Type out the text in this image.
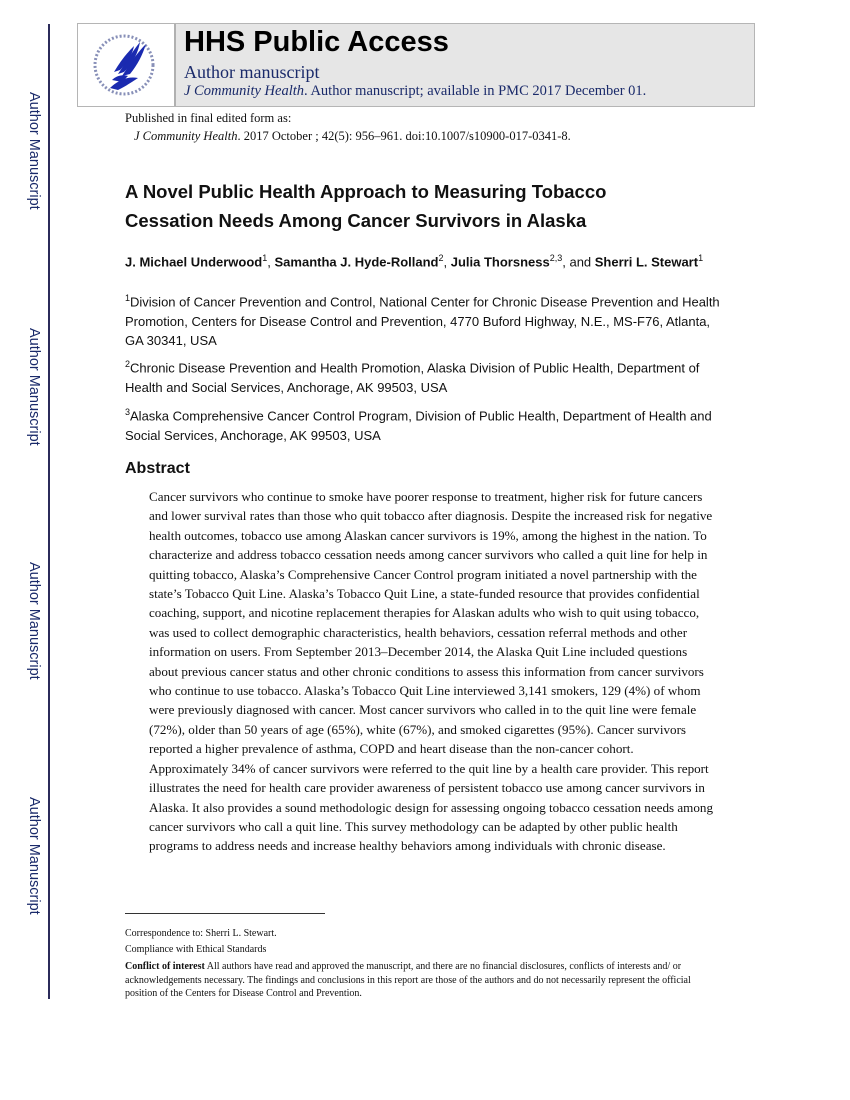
Author Manuscript
Author Manuscript
Author Manuscript
Author Manuscript
HHS Public Access
Author manuscript
J Community Health. Author manuscript; available in PMC 2017 December 01.
Published in final edited form as:
J Community Health. 2017 October ; 42(5): 956–961. doi:10.1007/s10900-017-0341-8.
A Novel Public Health Approach to Measuring Tobacco
Cessation Needs Among Cancer Survivors in Alaska
J. Michael Underwood$^1$, Samantha J. Hyde-Rolland$^2$, Julia Thorsness$^{2,3}$, and Sherri L. Stewart$^1$
$^1$Division of Cancer Prevention and Control, National Center for Chronic Disease Prevention and Health Promotion, Centers for Disease Control and Prevention, 4770 Buford Highway, N.E., MS-F76, Atlanta, GA 30341, USA
$^2$Chronic Disease Prevention and Health Promotion, Alaska Division of Public Health, Department of Health and Social Services, Anchorage, AK 99503, USA
$^3$Alaska Comprehensive Cancer Control Program, Division of Public Health, Department of Health and Social Services, Anchorage, AK 99503, USA
Abstract
Cancer survivors who continue to smoke have poorer response to treatment, higher risk for future cancers and lower survival rates than those who quit tobacco after diagnosis. Despite the increased risk for negative health outcomes, tobacco use among Alaskan cancer survivors is 19%, among the highest in the nation. To characterize and address tobacco cessation needs among cancer survivors who called a quit line for help in quitting tobacco, Alaska’s Comprehensive Cancer Control program initiated a novel partnership with the state’s Tobacco Quit Line. Alaska’s Tobacco Quit Line, a state-funded resource that provides confidential coaching, support, and nicotine replacement therapies for Alaskan adults who wish to quit using tobacco, was used to collect demographic characteristics, health behaviors, cessation referral methods and other information on users. From September 2013–December 2014, the Alaska Quit Line included questions about previous cancer status and other chronic conditions to assess this information from cancer survivors who continue to use tobacco. Alaska’s Tobacco Quit Line interviewed 3,141 smokers, 129 (4%) of whom were previously diagnosed with cancer. Most cancer survivors who called in to the quit line were female (72%), older than 50 years of age (65%), white (67%), and smoked cigarettes (95%). Cancer survivors reported a higher prevalence of asthma, COPD and heart disease than the non-cancer cohort. Approximately 34% of cancer survivors were referred to the quit line by a health care provider. This report illustrates the need for health care provider awareness of persistent tobacco use among cancer survivors in Alaska. It also provides a sound methodologic design for assessing ongoing tobacco cessation needs among cancer survivors who call a quit line. This survey methodology can be adapted by other public health programs to address needs and increase healthy behaviors among individuals with chronic disease.
Correspondence to: Sherri L. Stewart.
Compliance with Ethical Standards
Conflict of interest All authors have read and approved the manuscript, and there are no financial disclosures, conflicts of interests and/ or acknowledgements necessary. The findings and conclusions in this report are those of the authors and do not necessarily represent the official position of the Centers for Disease Control and Prevention.
